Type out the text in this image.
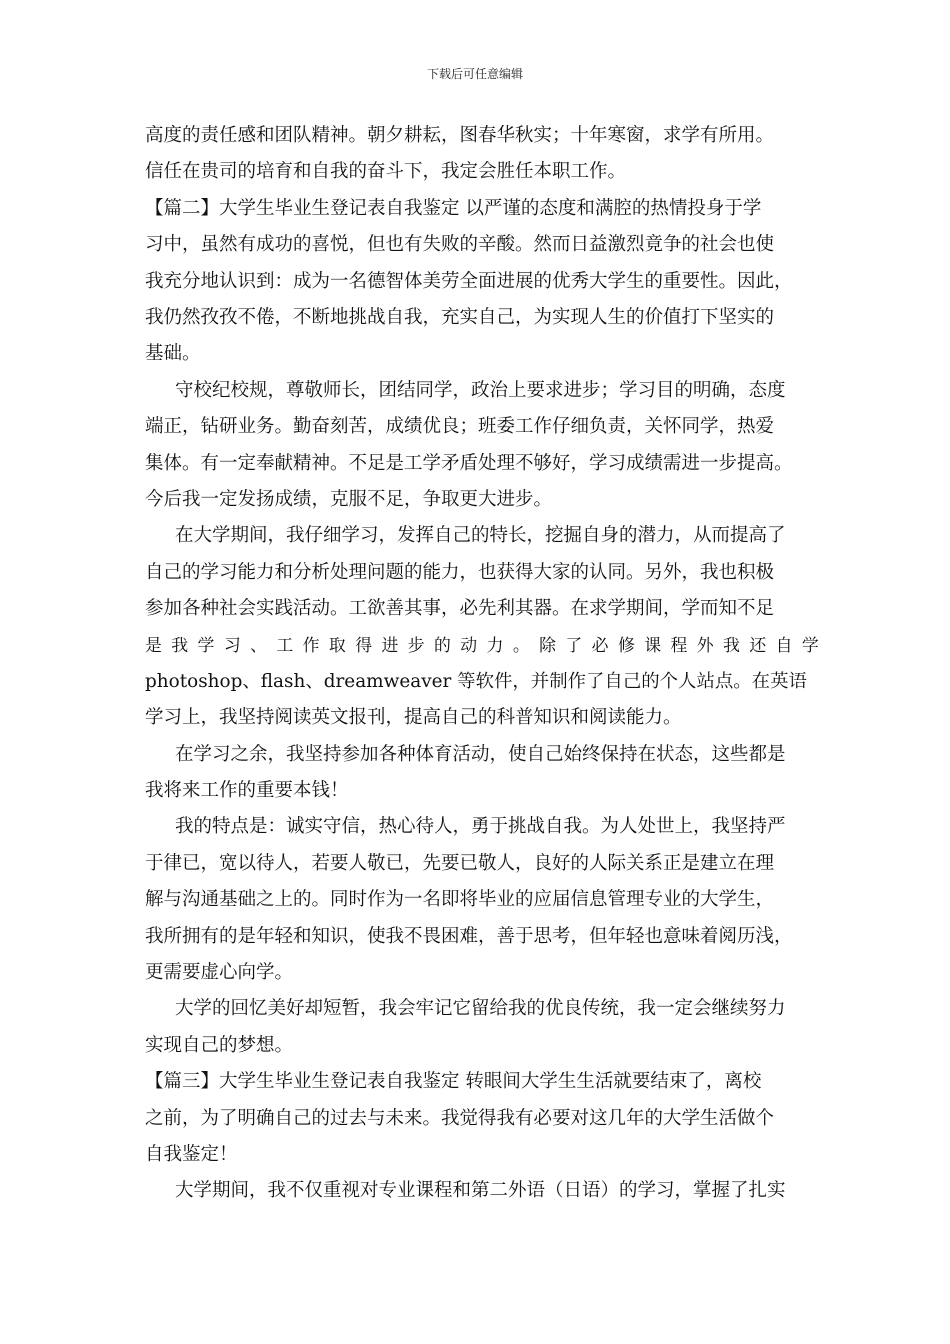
下载后可任意编辑
高度的责任感和团队精神。朝夕耕耘，图春华秋实；十年寒窗，求学有所用。
信任在贵司的培育和自我的奋斗下，我定会胜任本职工作。
【篇二】大学生毕业生登记表自我鉴定 以严谨的态度和满腔的热情投身于学
习中，虽然有成功的喜悦，但也有失败的辛酸。然而日益激烈竟争的社会也使
我充分地认识到：成为一名德智体美劳全面进展的优秀大学生的重要性。因此，
我仍然孜孜不倦，不断地挑战自我，充实自己，为实现人生的价值打下坚实的
基础。
守校纪校规，尊敬师长，团结同学，政治上要求进步；学习目的明确，态度
端正，钻研业务。勤奋刻苦，成绩优良；班委工作仔细负责，关怀同学，热爱
集体。有一定奉献精神。不足是工学矛盾处理不够好，学习成绩需进一步提高。
今后我一定发扬成绩，克服不足，争取更大进步。
在大学期间，我仔细学习，发挥自己的特长，挖掘自身的潜力，从而提高了
自己的学习能力和分析处理问题的能力，也获得大家的认同。另外，我也积极
参加各种社会实践活动。工欲善其事，必先利其器。在求学期间，学而知不足
是我学习、工作取得进步的动力。除了必修课程外我还自学
photoshop、flash、dreamweaver 等软件，并制作了自己的个人站点。在英语
学习上，我坚持阅读英文报刊，提高自己的科普知识和阅读能力。
在学习之余，我坚持参加各种体育活动，使自己始终保持在状态，这些都是
我将来工作的重要本钱！
我的特点是：诚实守信，热心待人，勇于挑战自我。为人处世上，我坚持严
于律已，宽以待人，若要人敬已，先要已敬人，良好的人际关系正是建立在理
解与沟通基础之上的。同时作为一名即将毕业的应届信息管理专业的大学生，
我所拥有的是年轻和知识，使我不畏困难，善于思考，但年轻也意味着阅历浅，
更需要虚心向学。
大学的回忆美好却短暂，我会牢记它留给我的优良传统，我一定会继续努力
实现自己的梦想。
【篇三】大学生毕业生登记表自我鉴定 转眼间大学生生活就要结束了，离校
之前，为了明确自己的过去与未来。我觉得我有必要对这几年的大学生活做个
自我鉴定！
大学期间，我不仅重视对专业课程和第二外语（日语）的学习，掌握了扎实
